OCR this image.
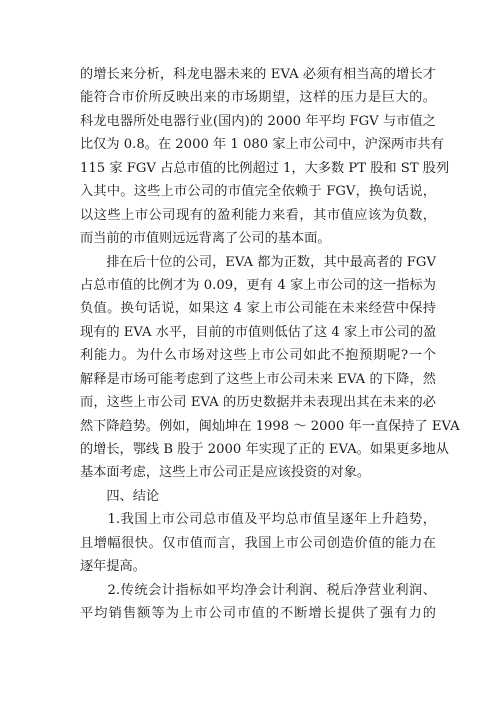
的增长来分析，科龙电器未来的 EVA 必须有相当高的增长才
能符合市价所反映出来的市场期望，这样的压力是巨大的。
科龙电器所处电器行业(国内)的 2000 年平均 FGV 与市值之
比仅为 0.8。在 2000 年 1 080 家上市公司中，沪深两市共有
115 家 FGV 占总市值的比例超过 1，大多数 PT 股和 ST 股列
入其中。这些上市公司的市值完全依赖于 FGV，换句话说，
以这些上市公司现有的盈利能力来看，其市值应该为负数，
而当前的市值则远远背离了公司的基本面。
　　排在后十位的公司，EVA 都为正数，其中最高者的 FGV
占总市值的比例才为 0.09，更有 4 家上市公司的这一指标为
负值。换句话说，如果这 4 家上市公司能在未来经营中保持
现有的 EVA 水平，目前的市值则低估了这 4 家上市公司的盈
利能力。为什么市场对这些上市公司如此不抱预期呢?一个
解释是市场可能考虑到了这些上市公司未来 EVA 的下降，然
而，这些上市公司 EVA 的历史数据并未表现出其在未来的必
然下降趋势。例如，闽灿坤在 1998 ～ 2000 年一直保持了 EVA
的增长，鄂线 B 股于 2000 年实现了正的 EVA。如果更多地从
基本面考虑，这些上市公司正是应该投资的对象。
　　四、结论
　　1.我国上市公司总市值及平均总市值呈逐年上升趋势，
且增幅很快。仅市值而言，我国上市公司创造价值的能力在
逐年提高。
　　2.传统会计指标如平均净会计利润、税后净营业利润、
平均销售额等为上市公司市值的不断增长提供了强有力的
